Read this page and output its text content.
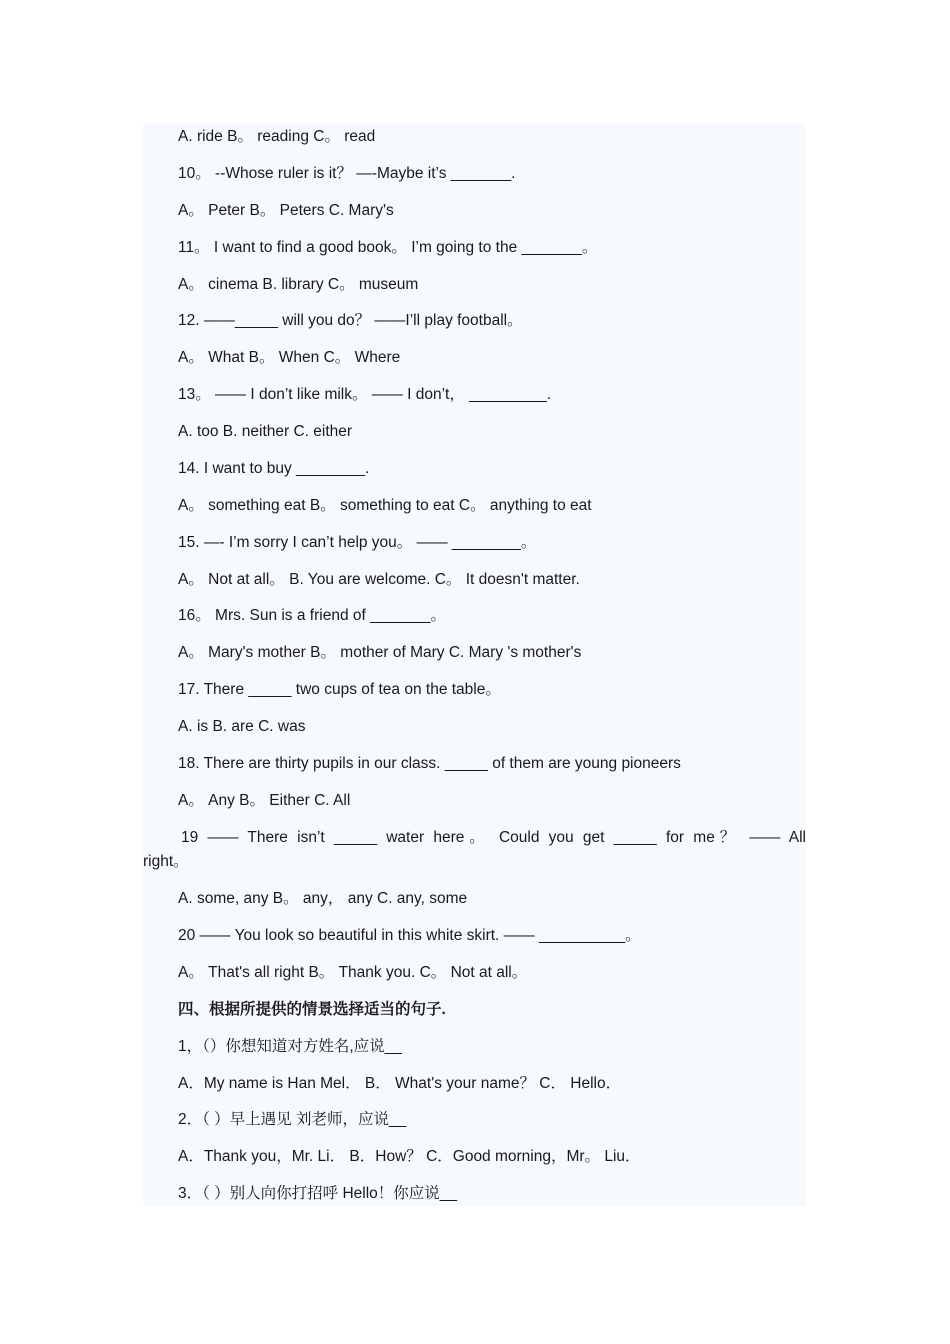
A. ride B。 reading C。 read
10。 --Whose ruler is it？ —-Maybe it’s _______.
A。 Peter B。 Peters C. Mary's
11。 I want to find a good book。 I’m going to the _______。
A。 cinema B. library C。 museum
12. ——_____ will you do？ ——I’ll play football。
A。 What B。 When C。 Where
13。 —— I don’t like milk。 —— I don’t， _________.
A. too B. neither C. either
14. I want to buy ________.
A。 something eat B。 something to eat C。 anything to eat
15. —- I’m sorry I can’t help you。 —— ________。
A。 Not at all。 B. You are welcome. C。 It doesn't matter.
16。 Mrs. Sun is a friend of _______。
A。 Mary's mother B。 mother of Mary C. Mary 's mother's
17. There _____ two cups of tea on the table。
A. is B. are C. was
18. There are thirty pupils in our class. _____ of them are young pioneers
A。 Any B。 Either C. All
19 —— There isn’t _____ water here。 Could you get _____ for me？ —— All
right。
A. some, any B。 any， any C. any, some
20 —— You look so beautiful in this white skirt. —— __________。
A。 That's all right B。 Thank you. C。 Not at all。
四、根据所提供的情景选择适当的句子.
1，（）你想知道对方姓名,应说__
A．My name is Han Mel． B． What's your name？ C． Hello．
2．（ ）早上遇见 刘老师，应说__
A．Thank you，Mr. Li． B．How？ C．Good morning，Mr。 Liu．
3．（ ）别人向你打招呼 Hello！你应说__
